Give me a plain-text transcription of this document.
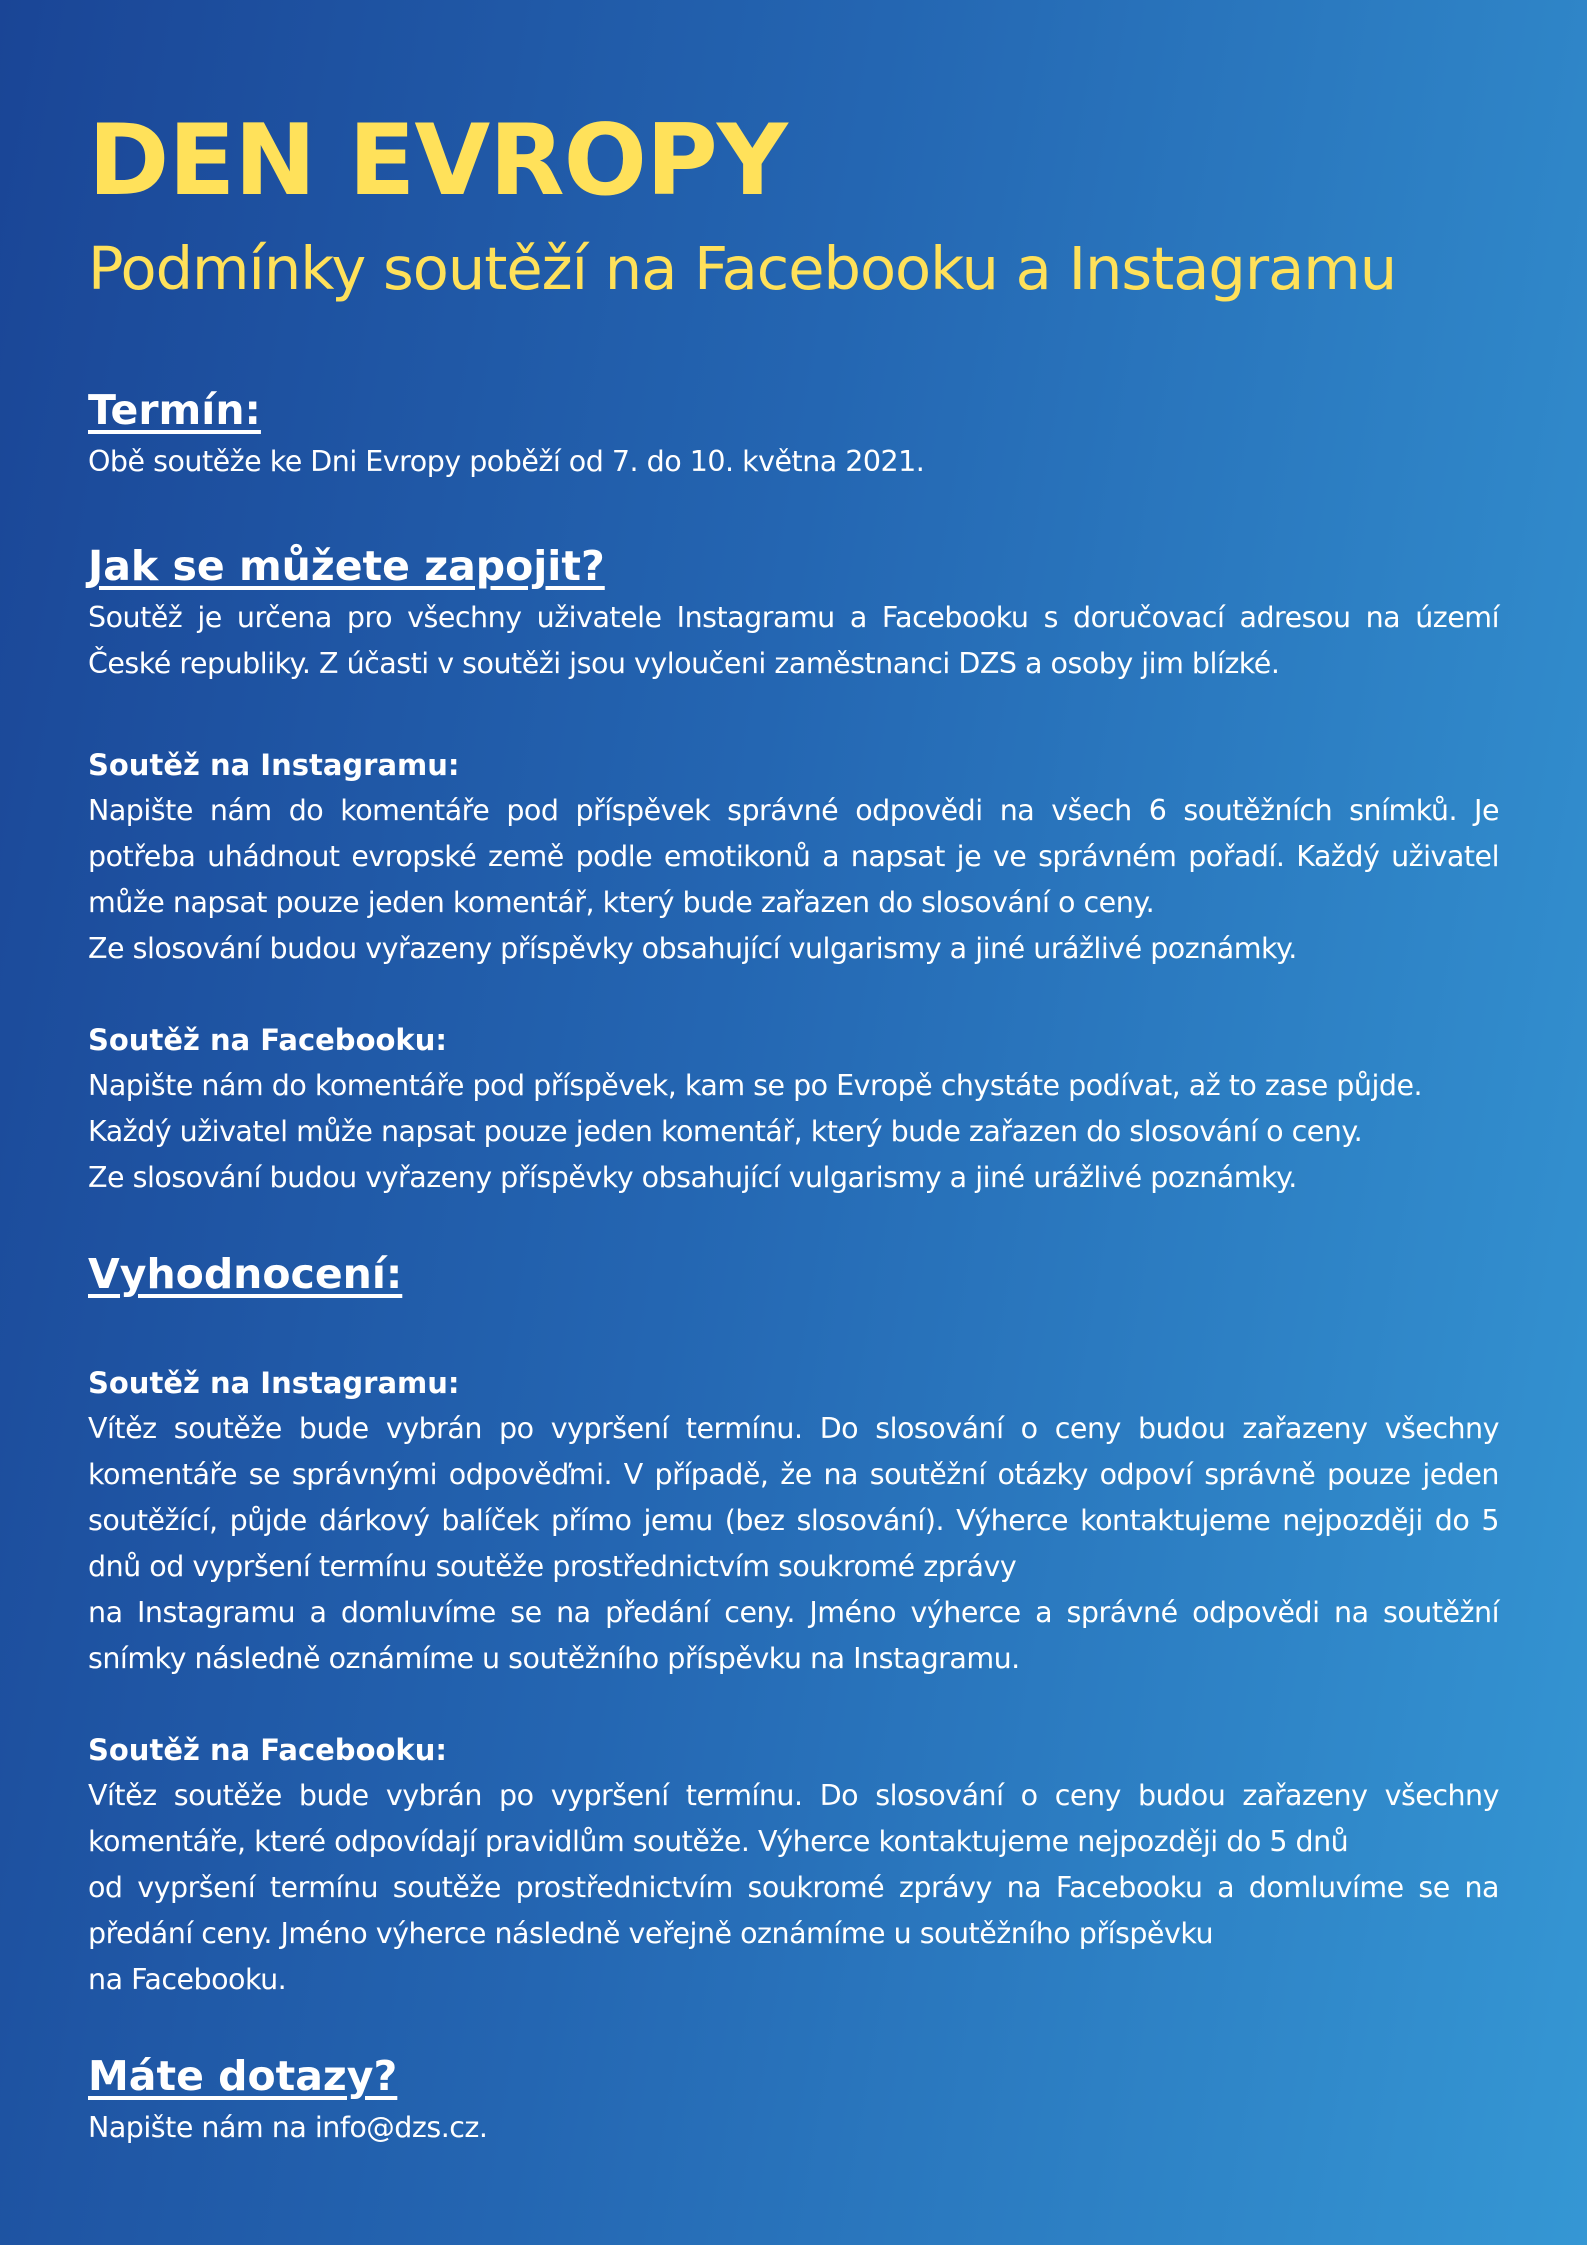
DEN EVROPY
Podmínky soutěží na Facebooku a Instagramu
Termín:

Obě soutěže ke Dni Evropy poběží od 7. do 10. května 2021.

Jak se můžete zapojit?

Soutěž je určena pro všechny uživatele Instagramu a Facebooku s doručovací adresou na území České republiky. Z účasti v soutěži jsou vyloučeni zaměstnanci DZS a osoby jim blízké.

Soutěž na Instagramu:

Napište nám do komentáře pod příspěvek správné odpovědi na všech 6 soutěžních snímků. Je potřeba uhádnout evropské země podle emotikonů a napsat je ve správném pořadí. Každý uživatel může napsat pouze jeden komentář, který bude zařazen do slosování o ceny.

Ze slosování budou vyřazeny příspěvky obsahující vulgarismy a jiné urážlivé poznámky.

Soutěž na Facebooku:

Napište nám do komentáře pod příspěvek, kam se po Evropě chystáte podívat, až to zase půjde.

Každý uživatel může napsat pouze jeden komentář, který bude zařazen do slosování o ceny.

Ze slosování budou vyřazeny příspěvky obsahující vulgarismy a jiné urážlivé poznámky.

Vyhodnocení:

Soutěž na Instagramu:

Vítěz soutěže bude vybrán po vypršení termínu. Do slosování o ceny budou zařazeny všechny komentáře se správnými odpověďmi. V případě, že na soutěžní otázky odpoví správně pouze jeden soutěžící, půjde dárkový balíček přímo jemu (bez slosování). Výherce kontaktujeme nejpozději do 5 dnů od vypršení termínu soutěže prostřednictvím soukromé zprávy

na Instagramu a domluvíme se na předání ceny. Jméno výherce a správné odpovědi na soutěžní snímky následně oznámíme u soutěžního příspěvku na Instagramu.

Soutěž na Facebooku:

Vítěz soutěže bude vybrán po vypršení termínu. Do slosování o ceny budou zařazeny všechny komentáře, které odpovídají pravidlům soutěže. Výherce kontaktujeme nejpozději do 5 dnů

od vypršení termínu soutěže prostřednictvím soukromé zprávy na Facebooku a domluvíme se na předání ceny. Jméno výherce následně veřejně oznámíme u soutěžního příspěvku

na Facebooku.

Máte dotazy?

Napište nám na info@dzs.cz.
